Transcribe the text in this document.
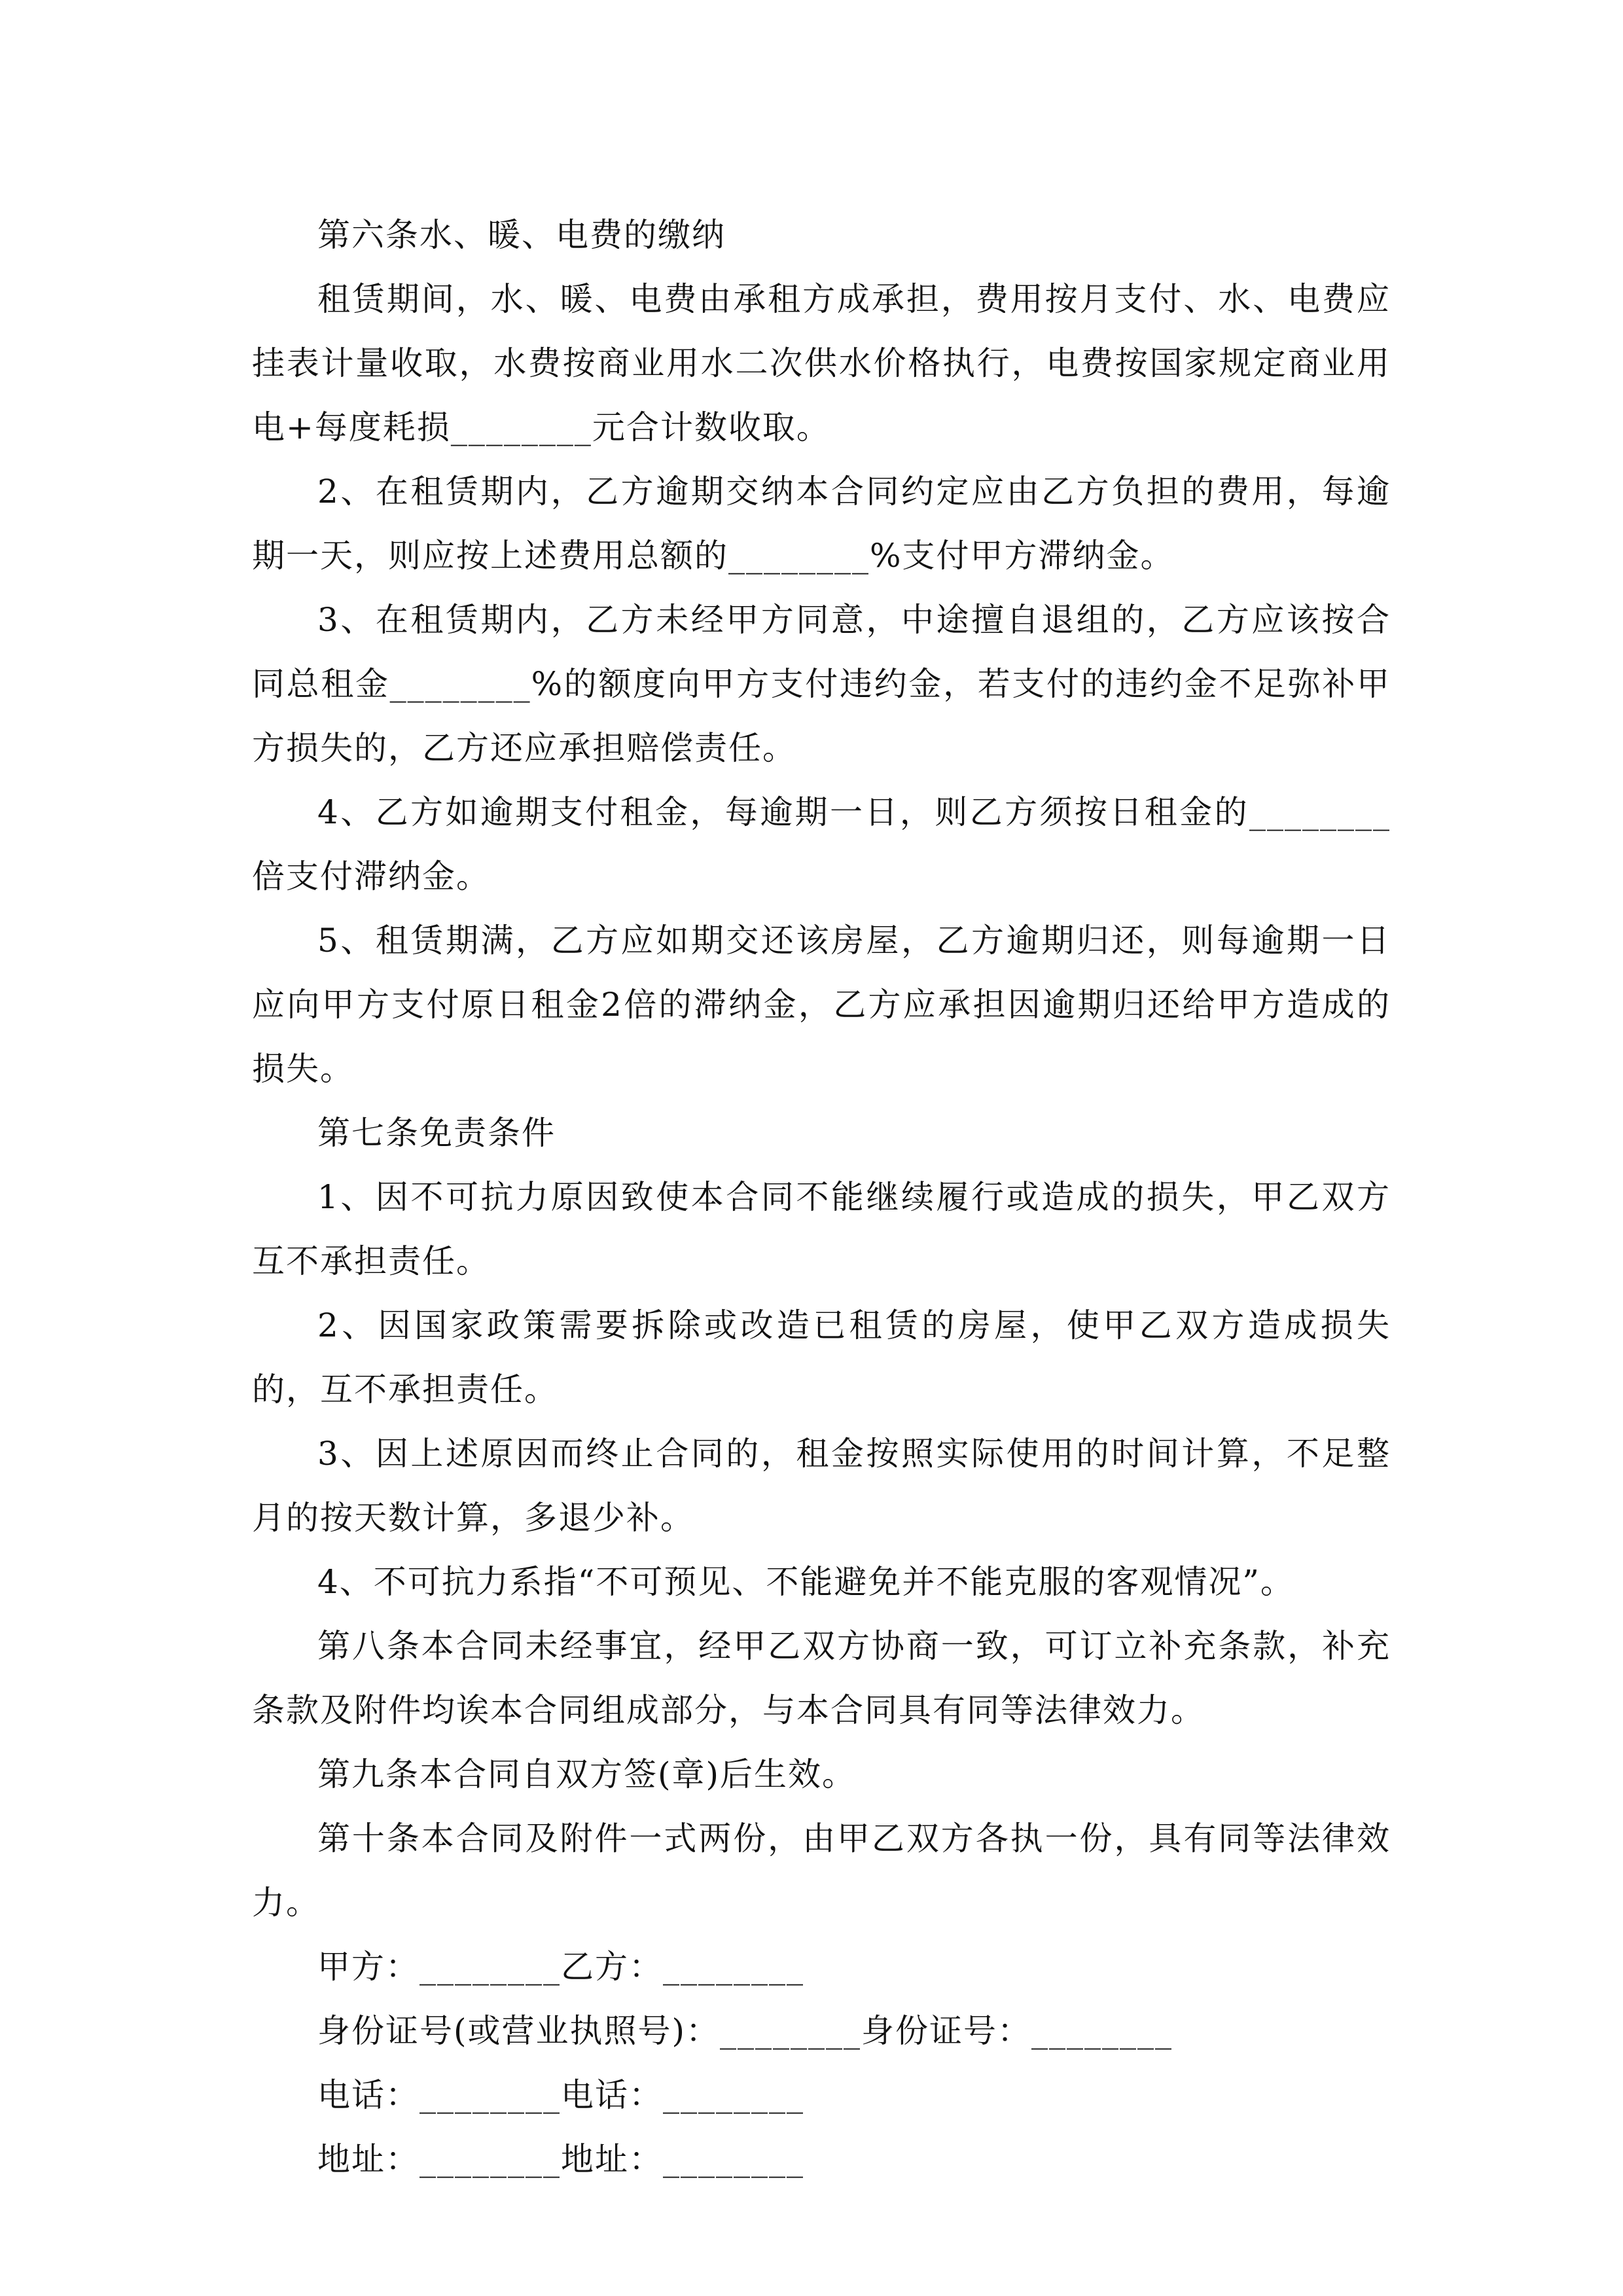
第六条水、暖、电费的缴纳

租赁期间，水、暖、电费由承租方成承担，费用按月支付、水、电费应挂表计量收取，水费按商业用水二次供水价格执行，电费按国家规定商业用电+每度耗损________元合计数收取。

2、在租赁期内，乙方逾期交纳本合同约定应由乙方负担的费用，每逾期一天，则应按上述费用总额的________%支付甲方滞纳金。

3、在租赁期内，乙方未经甲方同意，中途擅自退组的，乙方应该按合同总租金________%的额度向甲方支付违约金，若支付的违约金不足弥补甲方损失的，乙方还应承担赔偿责任。

4、乙方如逾期支付租金，每逾期一日，则乙方须按日租金的________倍支付滞纳金。

5、租赁期满，乙方应如期交还该房屋，乙方逾期归还，则每逾期一日应向甲方支付原日租金2倍的滞纳金，乙方应承担因逾期归还给甲方造成的损失。

第七条免责条件

1、因不可抗力原因致使本合同不能继续履行或造成的损失，甲乙双方互不承担责任。

2、因国家政策需要拆除或改造已租赁的房屋，使甲乙双方造成损失的，互不承担责任。

3、因上述原因而终止合同的，租金按照实际使用的时间计算，不足整月的按天数计算，多退少补。

4、不可抗力系指“不可预见、不能避免并不能克服的客观情况”。

第八条本合同未经事宜，经甲乙双方协商一致，可订立补充条款，补充条款及附件均诶本合同组成部分，与本合同具有同等法律效力。

第九条本合同自双方签(章)后生效。

第十条本合同及附件一式两份，由甲乙双方各执一份，具有同等法律效力。

甲方：________乙方：________

身份证号(或营业执照号)：________身份证号：________

电话：________电话：________

地址：________地址：________
